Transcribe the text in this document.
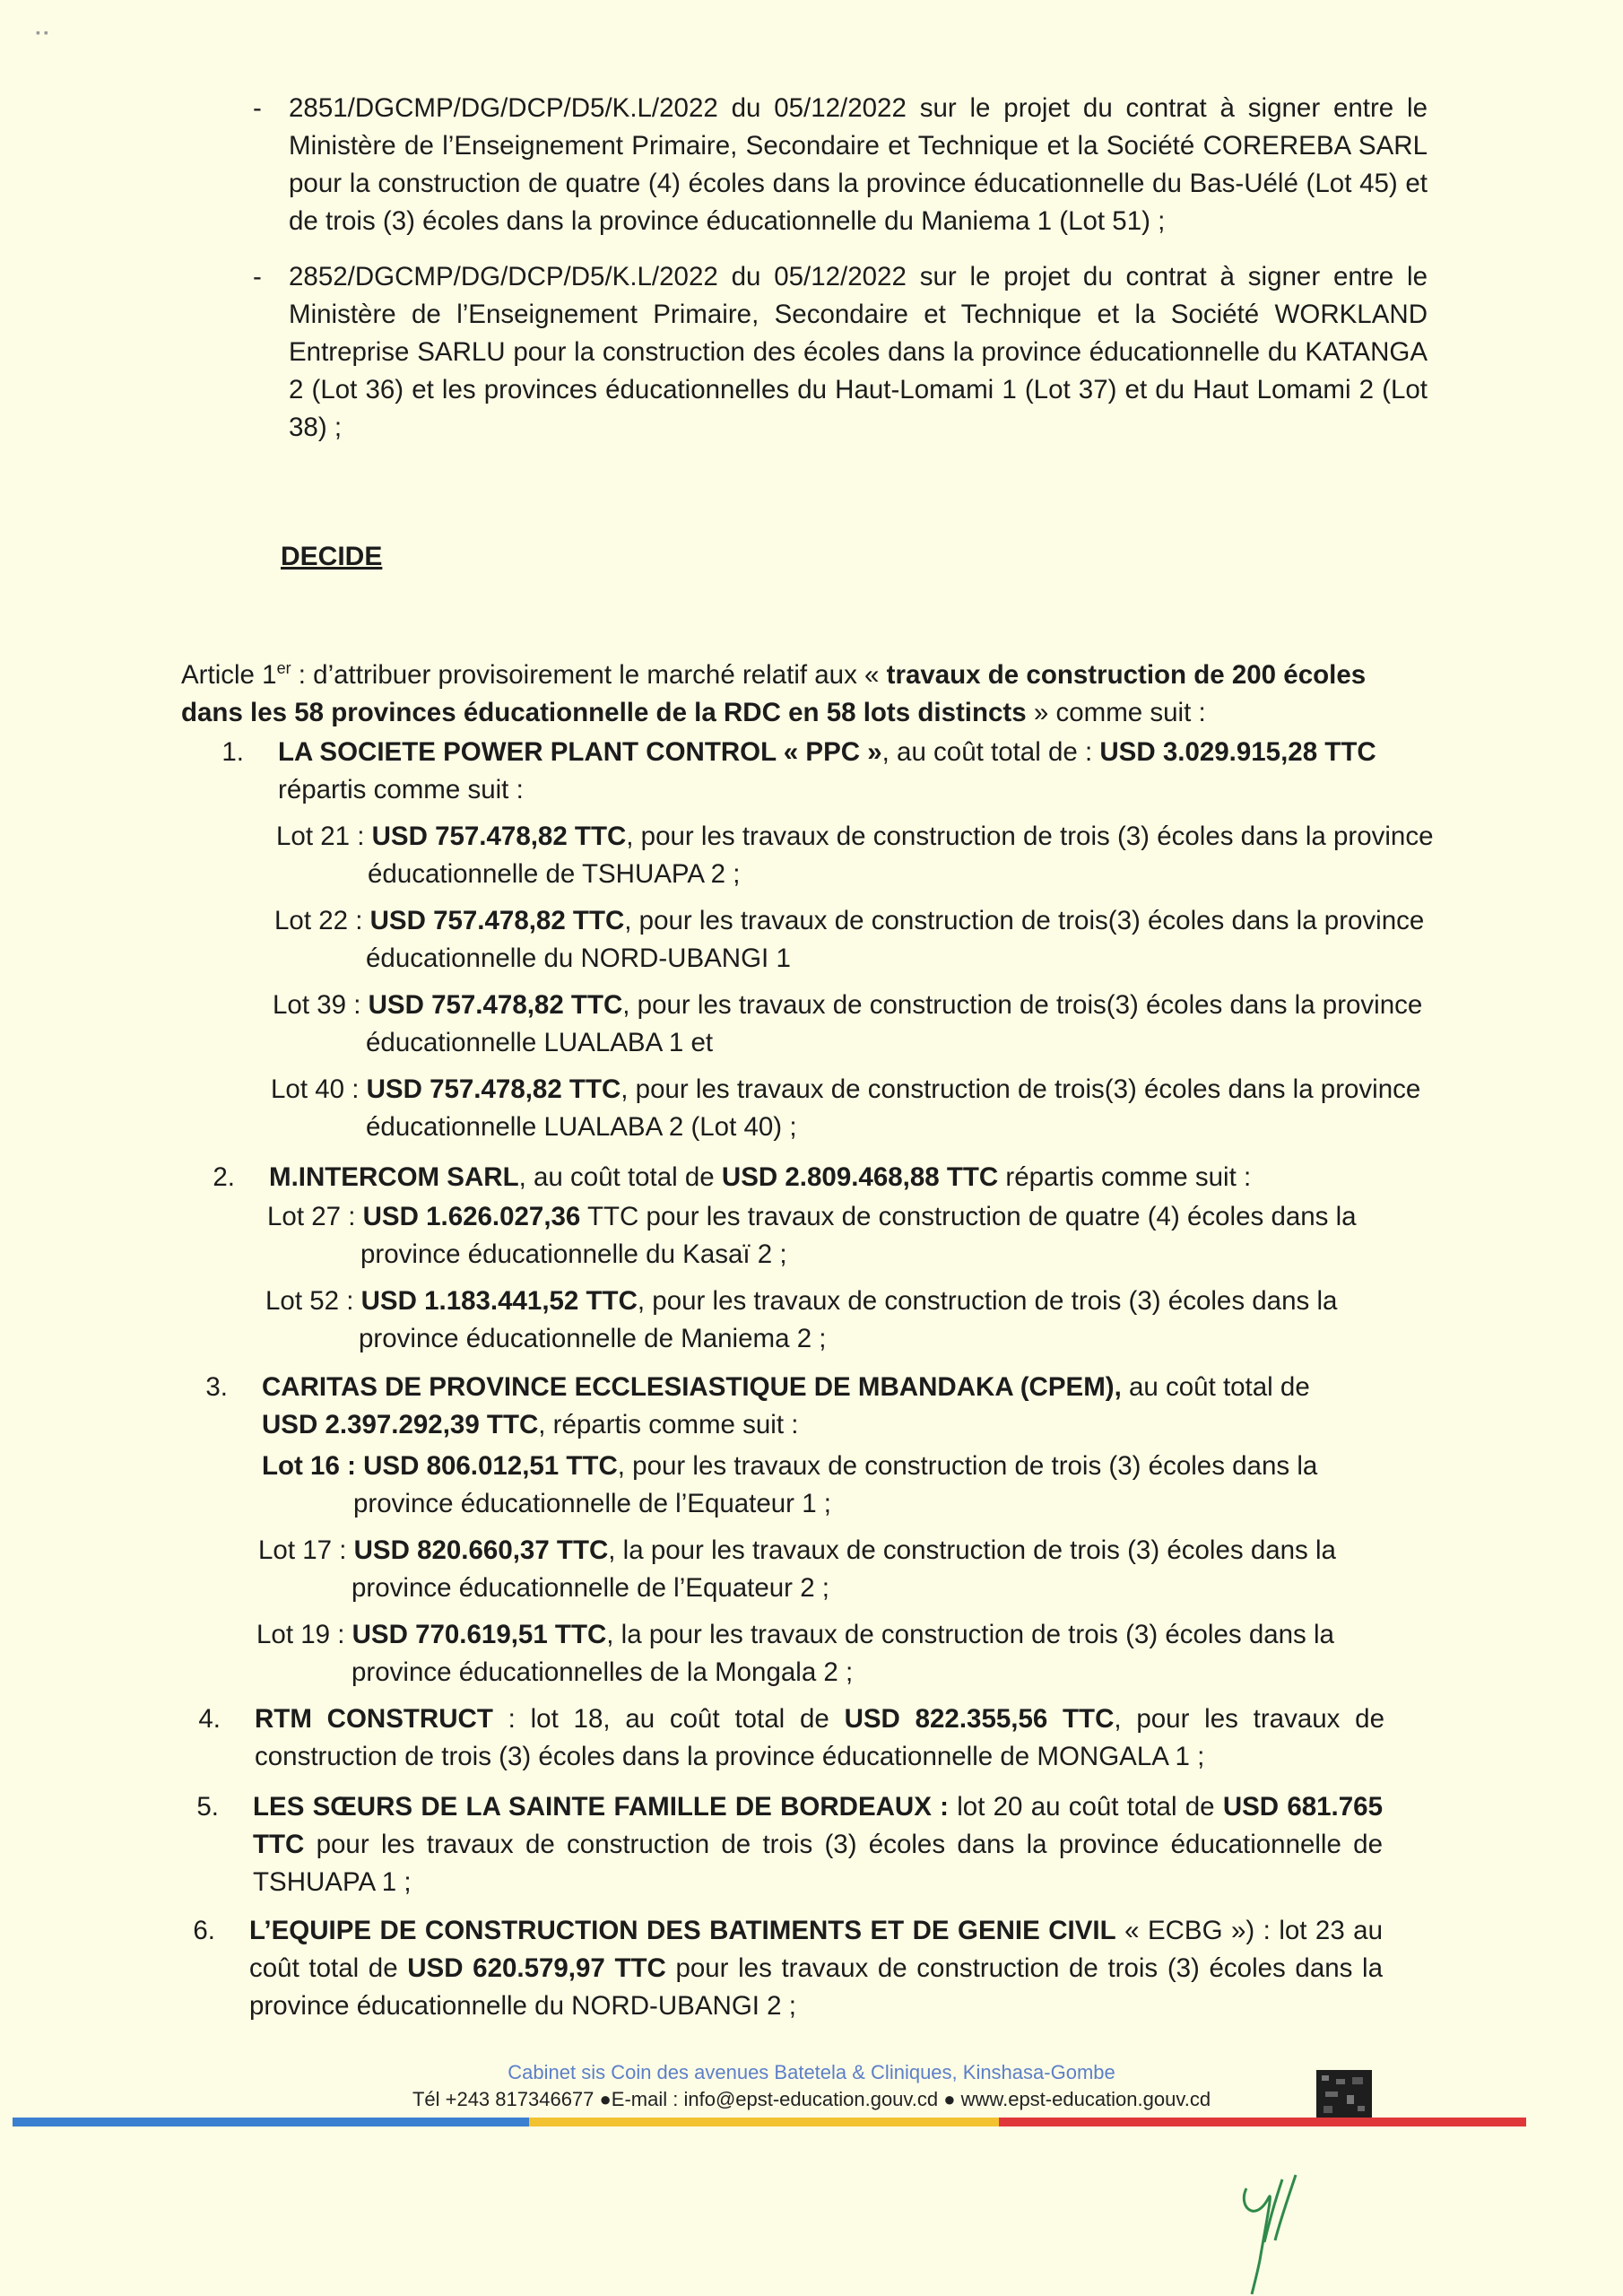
▪ ▪
- 2851/DGCMP/DG/DCP/D5/K.L/2022 du 05/12/2022 sur le projet du contrat à signer entre le Ministère de l’Enseignement Primaire, Secondaire et Technique et la Société COREREBA SARL pour la construction de quatre (4) écoles dans la province éducationnelle du Bas-Uélé (Lot 45) et de trois (3) écoles dans la province éducationnelle du Maniema 1 (Lot 51) ;
- 2852/DGCMP/DG/DCP/D5/K.L/2022 du 05/12/2022 sur le projet du contrat à signer entre le Ministère de l’Enseignement Primaire, Secondaire et Technique et la Société WORKLAND Entreprise SARLU pour la construction des écoles dans la province éducationnelle du KATANGA 2 (Lot 36) et les provinces éducationnelles du Haut-Lomami 1 (Lot 37) et du Haut Lomami 2 (Lot 38) ;
DECIDE
Article 1er : d’attribuer provisoirement le marché relatif aux « travaux de construction de 200 écoles dans les 58 provinces éducationnelle de la RDC en 58 lots distincts » comme suit :
1. LA SOCIETE POWER PLANT CONTROL « PPC », au coût total de : USD 3.029.915,28 TTC
répartis comme suit :
Lot 21 : USD 757.478,82 TTC, pour les travaux de construction de trois (3) écoles dans la province
éducationnelle de TSHUAPA 2 ;
Lot 22 : USD 757.478,82 TTC, pour les travaux de construction de trois(3) écoles dans la province
éducationnelle du NORD-UBANGI 1
Lot 39 : USD 757.478,82 TTC, pour les travaux de construction de trois(3) écoles dans la province
éducationnelle LUALABA 1 et
Lot 40 : USD 757.478,82 TTC, pour les travaux de construction de trois(3) écoles dans la province
éducationnelle LUALABA 2 (Lot 40) ;
2. M.INTERCOM SARL, au coût total de USD 2.809.468,88 TTC répartis comme suit :
Lot 27 : USD 1.626.027,36 TTC pour les travaux de construction de quatre (4) écoles dans la
province éducationnelle du Kasaï 2 ;
Lot 52 : USD 1.183.441,52 TTC, pour les travaux de construction de trois (3) écoles dans la
province éducationnelle de Maniema 2 ;
3. CARITAS DE PROVINCE ECCLESIASTIQUE DE MBANDAKA (CPEM), au coût total de
USD 2.397.292,39 TTC, répartis comme suit :
Lot 16 : USD 806.012,51 TTC, pour les travaux de construction de trois (3) écoles dans la
province éducationnelle de l’Equateur 1 ;
Lot 17 : USD 820.660,37 TTC, la pour les travaux de construction de trois (3) écoles dans la
province éducationnelle de l’Equateur 2 ;
Lot 19 : USD 770.619,51 TTC, la pour les travaux de construction de trois (3) écoles dans la
province éducationnelles de la Mongala 2 ;
4. RTM CONSTRUCT : lot 18, au coût total de USD 822.355,56 TTC, pour les travaux de construction de trois (3) écoles dans la province éducationnelle de MONGALA 1 ;
5. LES SŒURS DE LA SAINTE FAMILLE DE BORDEAUX : lot 20 au coût total de USD 681.765 TTC pour les travaux de construction de trois (3) écoles dans la province éducationnelle de TSHUAPA 1 ;
6. L’EQUIPE DE CONSTRUCTION DES BATIMENTS ET DE GENIE CIVIL « ECBG ») : lot 23 au coût total de USD 620.579,97 TTC pour les travaux de construction de trois (3) écoles dans la province éducationnelle du NORD-UBANGI 2 ;
Cabinet sis Coin des avenues Batetela & Cliniques, Kinshasa-Gombe
Tél +243 817346677 ●E-mail : info@epst-education.gouv.cd ● www.epst-education.gouv.cd
